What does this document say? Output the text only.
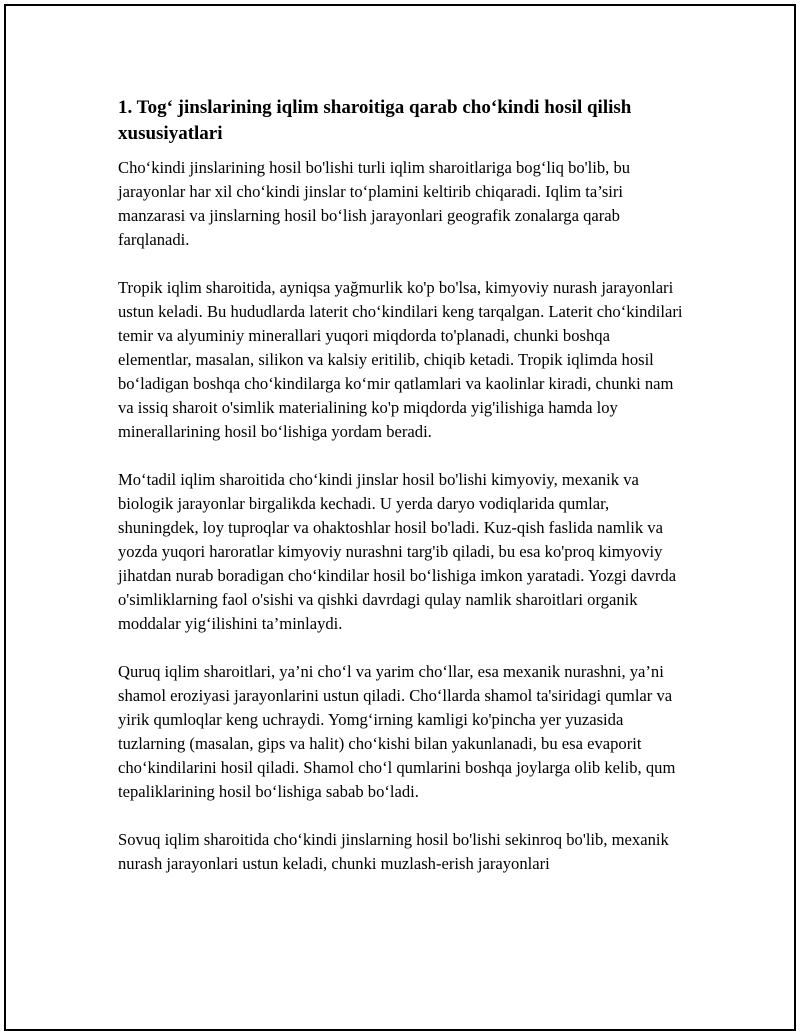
1. Tog‘ jinslarining iqlim sharoitiga qarab cho‘kindi hosil qilish xususiyatlari

Cho‘kindi jinslarining hosil bo'lishi turli iqlim sharoitlariga bog‘liq bo'lib, bu jarayonlar har xil cho‘kindi jinslar to‘plamini keltirib chiqaradi. Iqlim ta’siri manzarasi va jinslarning hosil bo‘lish jarayonlari geografik zonalarga qarab farqlanadi.

Tropik iqlim sharoitida, ayniqsa yağmurlik ko'p bo'lsa, kimyoviy nurash jarayonlari ustun keladi. Bu hududlarda laterit cho‘kindilari keng tarqalgan. Laterit cho‘kindilari temir va alyuminiy minerallari yuqori miqdorda to'planadi, chunki boshqa elementlar, masalan, silikon va kalsiy eritilib, chiqib ketadi. Tropik iqlimda hosil bo‘ladigan boshqa cho‘kindilarga ko‘mir qatlamlari va kaolinlar kiradi, chunki nam va issiq sharoit o'simlik materialining ko'p miqdorda yig'ilishiga hamda loy minerallarining hosil bo‘lishiga yordam beradi.

Mo‘tadil iqlim sharoitida cho‘kindi jinslar hosil bo'lishi kimyoviy, mexanik va biologik jarayonlar birgalikda kechadi. U yerda daryo vodiqlarida qumlar, shuningdek, loy tuproqlar va ohaktoshlar hosil bo'ladi. Kuz-qish faslida namlik va yozda yuqori haroratlar kimyoviy nurashni targ'ib qiladi, bu esa ko'proq kimyoviy jihatdan nurab boradigan cho‘kindilar hosil bo‘lishiga imkon yaratadi. Yozgi davrda o'simliklarning faol o'sishi va qishki davrdagi qulay namlik sharoitlari organik moddalar yig‘ilishini ta’minlaydi.

Quruq iqlim sharoitlari, ya’ni cho‘l va yarim cho‘llar, esa mexanik nurashni, ya’ni shamol eroziyasi jarayonlarini ustun qiladi. Cho‘llarda shamol ta'siridagi qumlar va yirik qumloqlar keng uchraydi. Yomg‘irning kamligi ko'pincha yer yuzasida tuzlarning (masalan, gips va halit) cho‘kishi bilan yakunlanadi, bu esa evaporit cho‘kindilarini hosil qiladi. Shamol cho‘l qumlarini boshqa joylarga olib kelib, qum tepaliklarining hosil bo‘lishiga sabab bo‘ladi.

Sovuq iqlim sharoitida cho‘kindi jinslarning hosil bo'lishi sekinroq bo'lib, mexanik nurash jarayonlari ustun keladi, chunki muzlash-erish jarayonlari
